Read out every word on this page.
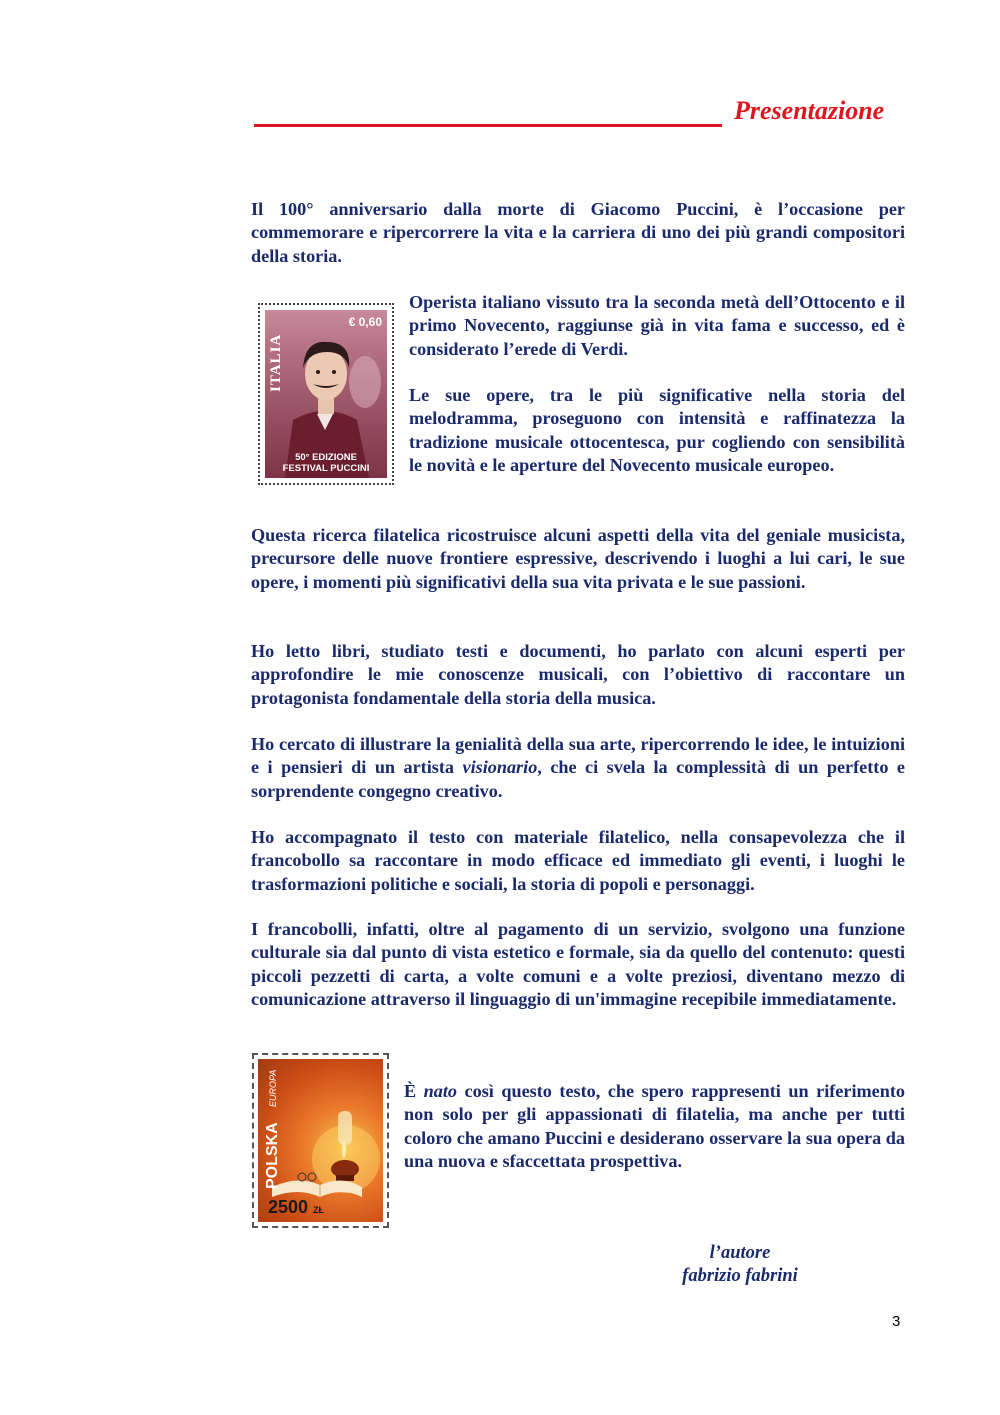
Presentazione

Il 100° anniversario dalla morte di Giacomo Puccini, è l’occasione per commemorare e ripercorrere la vita e la carriera di uno dei più grandi compositori della storia.

ITALIA
€ 0,60
50° EDIZIONE
FESTIVAL PUCCINI

Operista italiano vissuto tra la seconda metà dell’Ottocento e il primo Novecento, raggiunse già in vita fama e successo, ed è considerato l’erede di Verdi.

Le sue opere, tra le più significative nella storia del melodramma, proseguono con intensità e raffinatezza la tradizione musicale ottocentesca, pur cogliendo con sensibilità le novità e le aperture del Novecento musicale europeo.

Questa ricerca filatelica ricostruisce alcuni aspetti della vita del geniale musicista, precursore delle nuove frontiere espressive, descrivendo i luoghi a lui cari, le sue opere, i momenti più significativi della sua vita privata e le sue passioni.

Ho letto libri, studiato testi e documenti, ho parlato con alcuni esperti per approfondire le mie conoscenze musicali, con l’obiettivo di raccontare un protagonista fondamentale della storia della musica.

Ho cercato di illustrare la genialità della sua arte, ripercorrendo le idee, le intuizioni e i pensieri di un artista visionario, che ci svela la complessità di un perfetto e sorprendente congegno creativo.

Ho accompagnato il testo con materiale filatelico, nella consapevolezza che il francobollo sa raccontare in modo efficace ed immediato gli eventi, i luoghi le trasformazioni politiche e sociali, la storia di popoli e personaggi.

I francobolli, infatti, oltre al pagamento di un servizio, svolgono una funzione culturale sia dal punto di vista estetico e formale, sia da quello del contenuto: questi piccoli pezzetti di carta, a volte comuni e a volte preziosi, diventano mezzo di comunicazione attraverso il linguaggio di un'immagine recepibile immediatamente.

EUROPA
POLSKA
2500 ZŁ

È nato così questo testo, che spero rappresenti un riferimento non solo per gli appassionati di filatelia, ma anche per tutti coloro che amano Puccini e desiderano osservare la sua opera da una nuova e sfaccettata prospettiva.

l’autore
fabrizio fabrini
3
